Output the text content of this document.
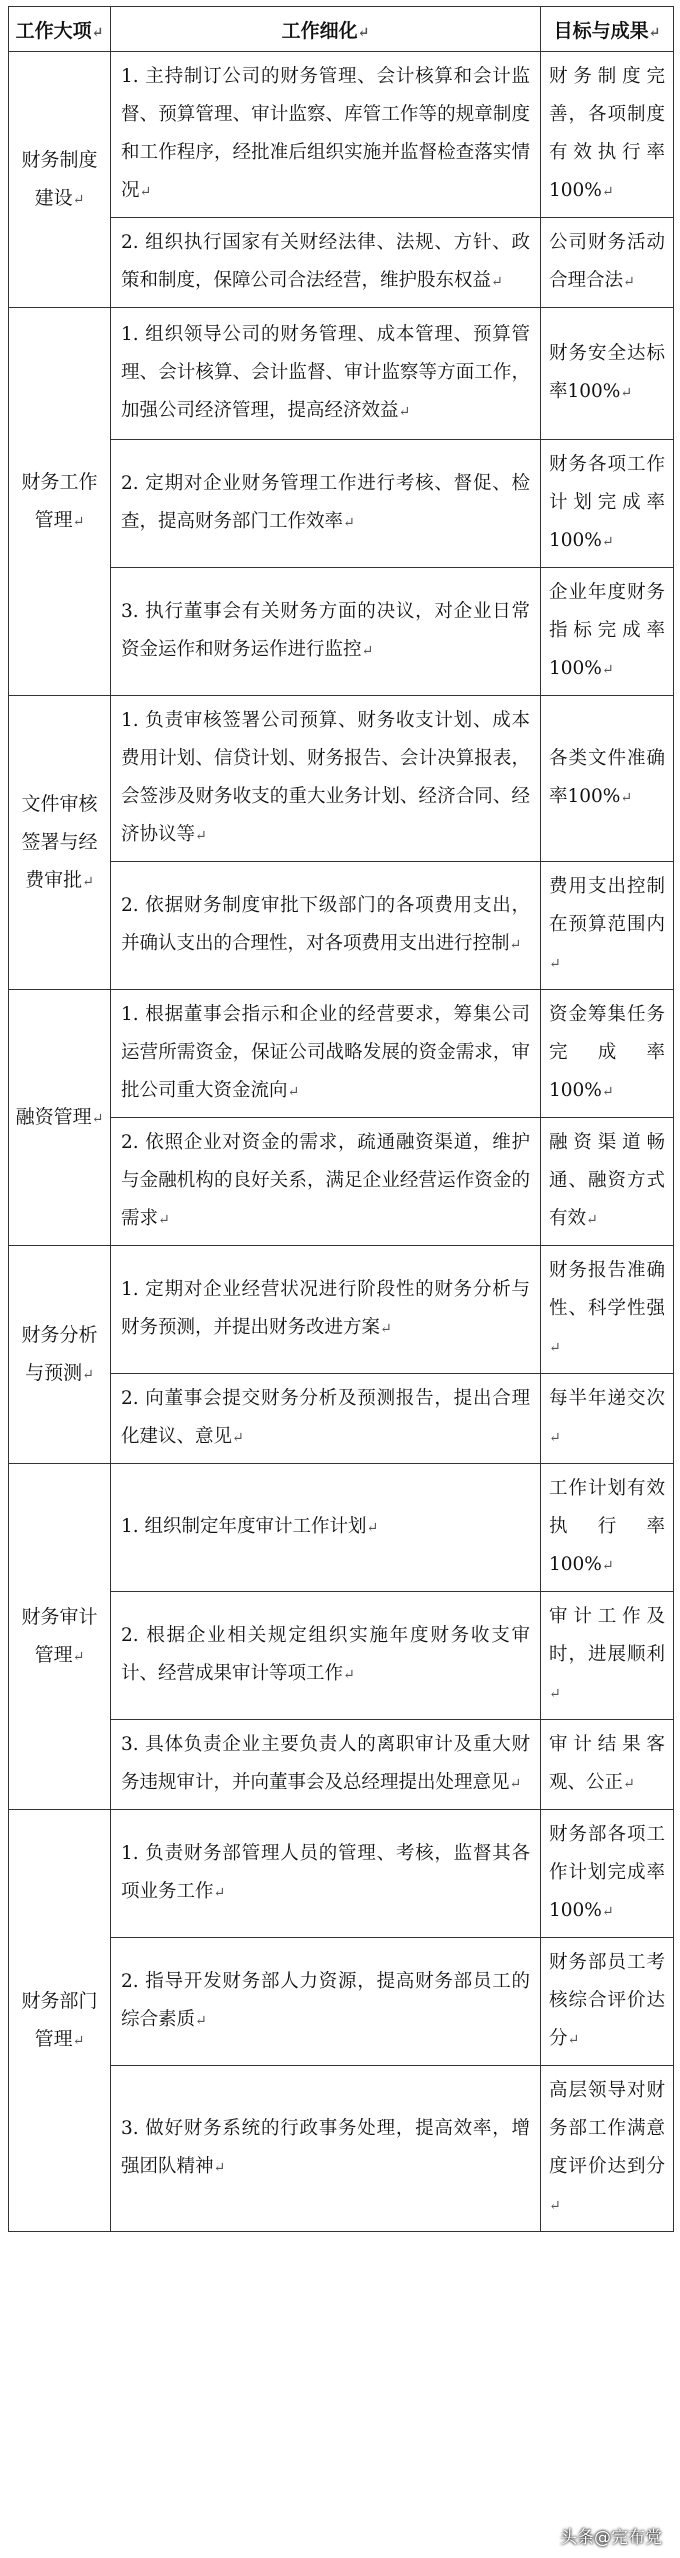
工作大项↵	工作细化↵	目标与成果↵
财务制度建设↵	1. 主持制订公司的财务管理、会计核算和会计监督、预算管理、审计监察、库管工作等的规章制度和工作程序，经批准后组织实施并监督检查落实情况↵	财务制度完善，各项制度有效执行率100%↵
	2. 组织执行国家有关财经法律、法规、方针、政策和制度，保障公司合法经营，维护股东权益↵	公司财务活动合理合法↵
财务工作管理↵	1. 组织领导公司的财务管理、成本管理、预算管理、会计核算、会计监督、审计监察等方面工作，加强公司经济管理，提高经济效益↵	财务安全达标率100%↵
	2. 定期对企业财务管理工作进行考核、督促、检查，提高财务部门工作效率↵	财务各项工作计划完成率100%↵
	3. 执行董事会有关财务方面的决议，对企业日常资金运作和财务运作进行监控↵	企业年度财务指标完成率100%↵
文件审核签署与经费审批↵	1. 负责审核签署公司预算、财务收支计划、成本费用计划、信贷计划、财务报告、会计决算报表，会签涉及财务收支的重大业务计划、经济合同、经济协议等↵	各类文件准确率100%↵
	2. 依据财务制度审批下级部门的各项费用支出，并确认支出的合理性，对各项费用支出进行控制↵	费用支出控制在预算范围内↵
融资管理↵	1. 根据董事会指示和企业的经营要求，筹集公司运营所需资金，保证公司战略发展的资金需求，审批公司重大资金流向↵	资金筹集任务完成率100%↵
	2. 依照企业对资金的需求，疏通融资渠道，维护与金融机构的良好关系，满足企业经营运作资金的需求↵	融资渠道畅通、融资方式有效↵
财务分析与预测↵	1. 定期对企业经营状况进行阶段性的财务分析与财务预测，并提出财务改进方案↵	财务报告准确性、科学性强↵
	2. 向董事会提交财务分析及预测报告，提出合理化建议、意见↵	每半年递交次↵
财务审计管理↵	1. 组织制定年度审计工作计划↵	工作计划有效执行率100%↵
	2. 根据企业相关规定组织实施年度财务收支审计、经营成果审计等项工作↵	审计工作及时，进展顺利↵
	3. 具体负责企业主要负责人的离职审计及重大财务违规审计，并向董事会及总经理提出处理意见↵	审计结果客观、公正↵
财务部门管理↵	1. 负责财务部管理人员的管理、考核，监督其各项业务工作↵	财务部各项工作计划完成率100%↵
	2. 指导开发财务部人力资源，提高财务部员工的综合素质↵	财务部员工考核综合评价达分↵
	3. 做好财务系统的行政事务处理，提高效率，增强团队精神↵	高层领导对财务部工作满意度评价达到分↵
头条@完布党
